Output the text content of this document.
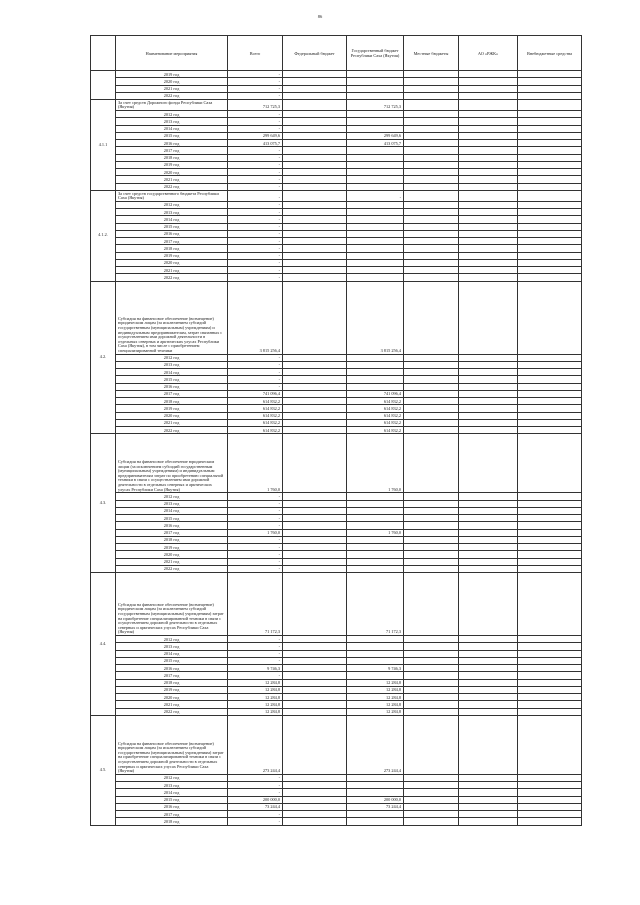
86
	Наименование мероприятия	Всего	Федеральный бюджет	Государственный бюджет Республики Саха (Якутия)	Местные бюджеты	АО «РЖК»	Внебюджетные средства
	2019 год	-					
	2020 год	-					
	2021 год	-					
	2022 год	-					
4.1.1	За счет средств Дорожного фонда Республики Саха (Якутия)	712 725,3		712 725,3			
	2012 год	-					
	2013 год	-					
	2014 год	-					
	2015 год	299 649,6		299 649,6			
	2016 год	413 075,7		413 075,7			
	2017 год	-					
	2018 год	-					
	2019 год	-					
	2020 год	-					
	2021 год	-					
	2022 год	-					
4.1.2.	За счет средств государственного бюджета Республики Саха (Якутия)	-		-			
	2012 год	-					
	2013 год	-					
	2014 год	-					
	2015 год	-					
	2016 год	-					
	2017 год	-					
	2018 год	-					
	2019 год	-					
	2020 год	-					
	2021 год	-					
	2022 год	-					
4.2.	Субсидия на финансовое обеспечение (возмещение) юридическим лицам (за исключением субсидий государственным (муниципальным) учреждениям) и индивидуальным предпринимателям, затрат связанных с осуществлением ими дорожной деятельности в отдельных северных и арктических улусах Республики Саха (Якутия), в том числе с приобретением специализированной техники	3 815 256,4		3 815 256,4			
	2012 год	-					
	2013 год	-					
	2014 год	-					
	2015 год	-					
	2016 год	-					
	2017 год	741 096,4		741 096,4			
	2018 год	614 832,2		614 832,2			
	2019 год	614 832,2		614 832,2			
	2020 год	614 832,2		614 832,2			
	2021 год	614 832,2		614 832,2			
	2022 год	614 832,2		614 832,2			
4.3.	Субсидия на финансовое обеспечение юридическим лицам (за исключением субсидий государственным (муниципальным) учреждениям) и индивидуальным предпринимателям затрат по приобретению специальной техники в связи с осуществлением ими дорожной деятельности в отдельных северных и арктических улусах Республики Саха (Якутия)	1 760,0		1 760,0			
	2012 год	-					
	2013 год	-					
	2014 год	-					
	2015 год	-					
	2016 год	-					
	2017 год	1 760,0		1 760,0			
	2018 год	-					
	2019 год	-					
	2020 год	-					
	2021 год	-					
	2022 год	-					
4.4.	Субсидия на финансовое обеспечение (возмещение) юридическим лицам (за исключением субсидий государственным (муниципальным) учреждениям) затрат на приобретение специализированной техники в связи с осуществлением дорожной деятельности в отдельных северных и арктических улусах Республики Саха (Якутия)	71 172,3		71 172,3			
	2012 год	-					
	2013 год	-					
	2014 год	-					
	2015 год	-					
	2016 год	9 746,3		9 746,3			
	2017 год	-					
	2018 год	12 284,8		12 284,8			
	2019 год	12 284,8		12 284,8			
	2020 год	12 284,8		12 284,8			
	2021 год	12 284,8		12 284,8			
	2022 год	12 284,8		12 284,8			
4.5.	Субсидия на финансовое обеспечение (возмещение) юридическим лицам (за исключением субсидий государственным (муниципальным) учреждениям) затрат на приобретение специализированной техники в связи с осуществлением дорожной деятельности в отдельных северных и арктических улусах Республики Саха (Якутия)	273 244,4		273 244,4			
	2012 год	-					
	2013 год	-					
	2014 год	-					
	2015 год	200 000,0		200 000,0			
	2016 год	73 244,4		73 244,4			
	2017 год	-					
	2018 год	-					
